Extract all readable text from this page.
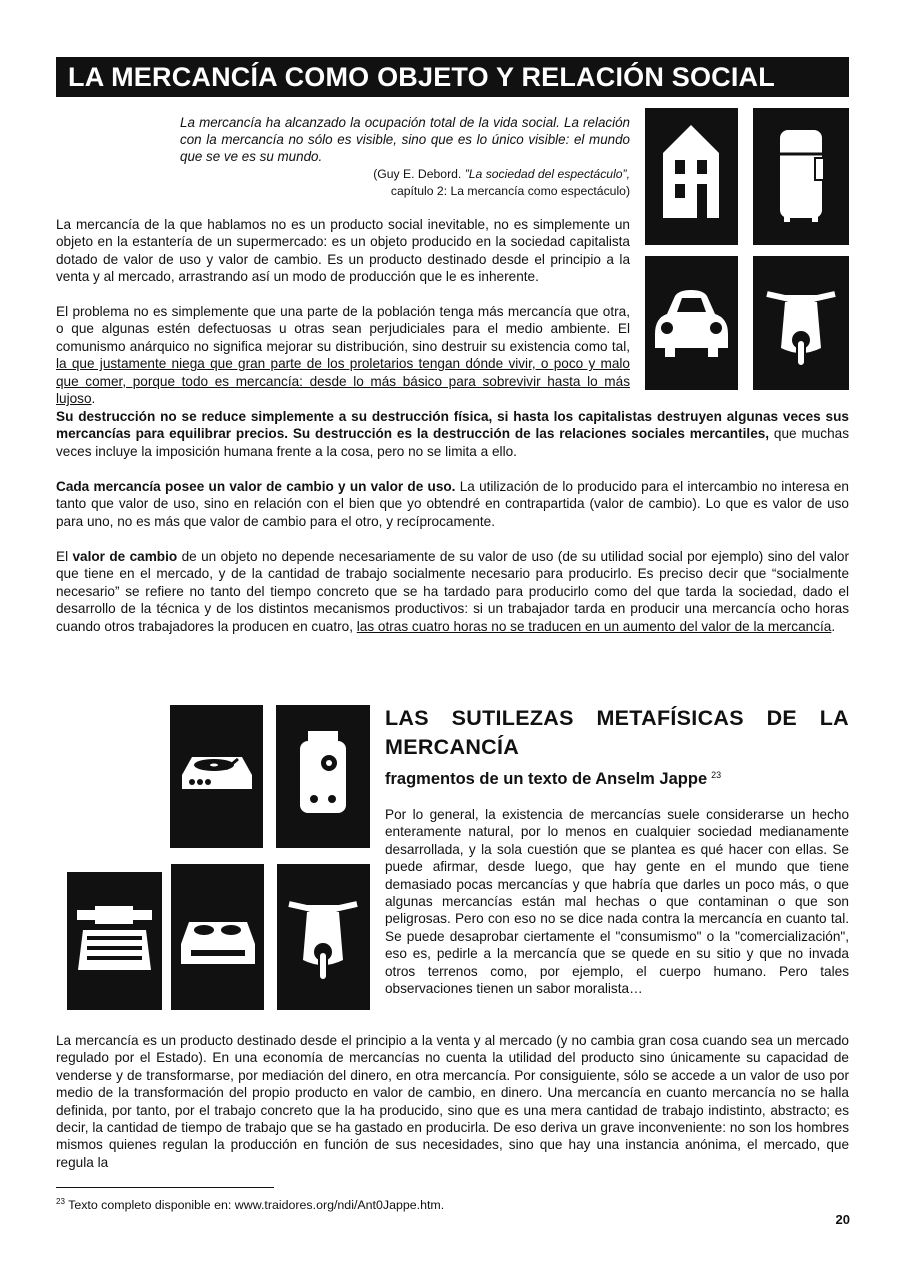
LA MERCANCÍA COMO OBJETO Y RELACIÓN SOCIAL
La mercancía ha alcanzado la ocupación total de la vida social. La relación con la mercancía no sólo es visible, sino que es lo único visible: el mundo que se ve es su mundo.
(Guy E. Debord. ”La sociedad del espectáculo”,
capítulo 2: La mercancía como espectáculo)

La mercancía de la que hablamos no es un producto social inevitable, no es simplemente un objeto en la estantería de un supermercado: es un objeto producido en la sociedad capitalista dotado de valor de uso y valor de cambio. Es un producto destinado desde el principio a la venta y al mercado, arrastrando así un modo de producción que le es inherente.

El problema no es simplemente que una parte de la población tenga más mercancía que otra, o que algunas estén defectuosas u otras sean perjudiciales para el medio ambiente. El comunismo anárquico no significa mejorar su distribución, sino destruir su existencia como tal, la que justamente niega que gran parte de los proletarios tengan dónde vivir, o poco y malo que comer, porque todo es mercancía: desde lo más básico para sobrevivir hasta lo más lujoso.

Su destrucción no se reduce simplemente a su destrucción física, si hasta los capitalistas destruyen algunas veces sus mercancías para equilibrar precios. Su destrucción es la destrucción de las relaciones sociales mercantiles, que muchas veces incluye la imposición humana frente a la cosa, pero no se limita a ello.

Cada mercancía posee un valor de cambio y un valor de uso. La utilización de lo producido para el intercambio no interesa en tanto que valor de uso, sino en relación con el bien que yo obtendré en contrapartida (valor de cambio). Lo que es valor de uso para uno, no es más que valor de cambio para el otro, y recíprocamente.

El valor de cambio de un objeto no depende necesariamente de su valor de uso (de su utilidad social por ejemplo) sino del valor que tiene en el mercado, y de la cantidad de trabajo socialmente necesario para producirlo. Es preciso decir que “socialmente necesario” se refiere no tanto del tiempo concreto que se ha tardado para producirlo como del que tarda la sociedad, dado el desarrollo de la técnica y de los distintos mecanismos productivos: si un trabajador tarda en producir una mercancía ocho horas cuando otros trabajadores la producen en cuatro, las otras cuatro horas no se traducen en un aumento del valor de la mercancía.

LAS SUTILEZAS METAFÍSICAS DE LA MERCANCÍA
fragmentos de un texto de Anselm Jappe $^{23}$

Por lo general, la existencia de mercancías suele considerarse un hecho enteramente natural, por lo menos en cualquier sociedad medianamente desarrollada, y la sola cuestión que se plantea es qué hacer con ellas. Se puede afirmar, desde luego, que hay gente en el mundo que tiene demasiado pocas mercancías y que habría que darles un poco más, o que algunas mercancías están mal hechas o que contaminan o que son peligrosas. Pero con eso no se dice nada contra la mercancía en cuanto tal. Se puede desaprobar ciertamente el "consumismo" o la "comercialización", eso es, pedirle a la mercancía que se quede en su sitio y que no invada otros terrenos como, por ejemplo, el cuerpo humano. Pero tales observaciones tienen un sabor moralista…

La mercancía es un producto destinado desde el principio a la venta y al mercado (y no cambia gran cosa cuando sea un mercado regulado por el Estado). En una economía de mercancías no cuenta la utilidad del producto sino únicamente su capacidad de venderse y de transformarse, por mediación del dinero, en otra mercancía. Por consiguiente, sólo se accede a un valor de uso por medio de la transformación del propio producto en valor de cambio, en dinero. Una mercancía en cuanto mercancía no se halla definida, por tanto, por el trabajo concreto que la ha producido, sino que es una mera cantidad de trabajo indistinto, abstracto; es decir, la cantidad de tiempo de trabajo que se ha gastado en producirla. De eso deriva un grave inconveniente: no son los hombres mismos quienes regulan la producción en función de sus necesidades, sino que hay una instancia anónima, el mercado, que regula la

$^{23}$ Texto completo disponible en: www.traidores.org/ndi/Ant0Jappe.htm.
20
